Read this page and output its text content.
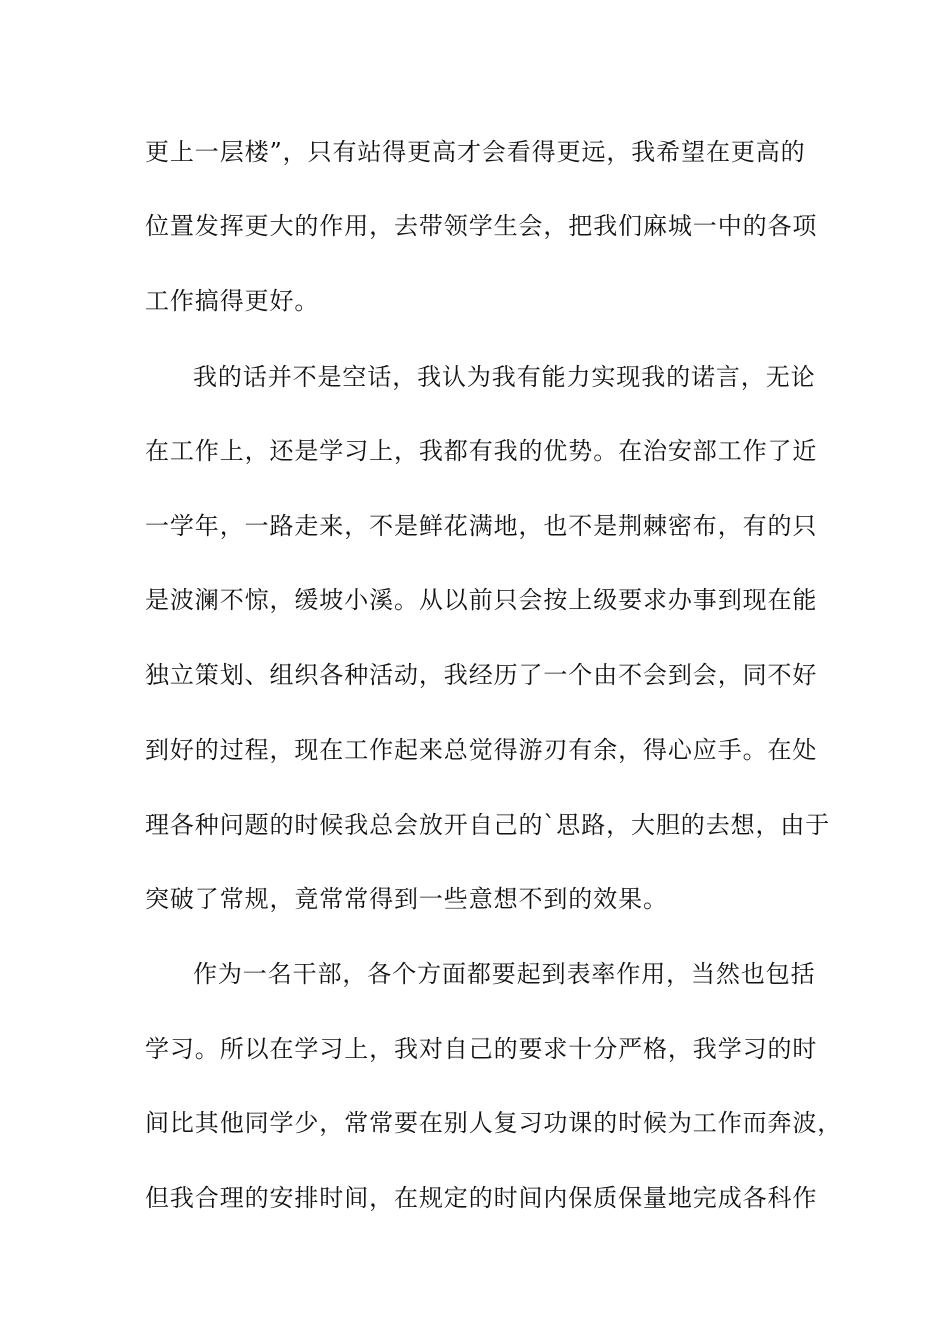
更上一层楼”，只有站得更高才会看得更远，我希望在更高的
位置发挥更大的作用，去带领学生会，把我们麻城一中的各项
工作搞得更好。
我的话并不是空话，我认为我有能力实现我的诺言，无论
在工作上，还是学习上，我都有我的优势。在治安部工作了近
一学年，一路走来，不是鲜花满地，也不是荆棘密布，有的只
是波澜不惊，缓坡小溪。从以前只会按上级要求办事到现在能
独立策划、组织各种活动，我经历了一个由不会到会，同不好
到好的过程，现在工作起来总觉得游刃有余，得心应手。在处
理各种问题的时候我总会放开自己的`思路，大胆的去想，由于
突破了常规，竟常常得到一些意想不到的效果。
作为一名干部，各个方面都要起到表率作用，当然也包括
学习。所以在学习上，我对自己的要求十分严格，我学习的时
间比其他同学少，常常要在别人复习功课的时候为工作而奔波，
但我合理的安排时间，在规定的时间内保质保量地完成各科作
